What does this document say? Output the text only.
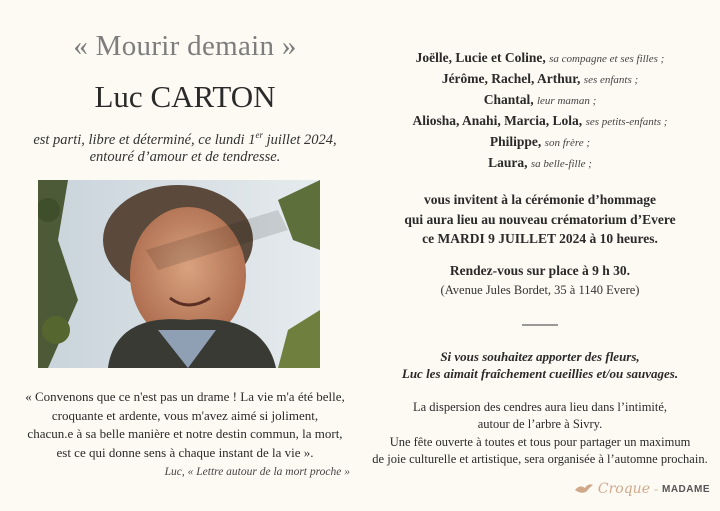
« Mourir demain »
Luc CARTON
est parti, libre et déterminé, ce lundi 1er juillet 2024,
entouré d’amour et de tendresse.
« Convenons que ce n'est pas un drame ! La vie m'a été belle,
croquante et ardente, vous m'avez aimé si joliment,
chacun.e à sa belle manière et notre destin commun, la mort,
est ce qui donne sens à chaque instant de la vie ».
Luc, « Lettre autour de la mort proche »
Joëlle, Lucie et Coline, sa compagne et ses filles ;
Jérôme, Rachel, Arthur, ses enfants ;
Chantal, leur maman ;
Aliosha, Anahi, Marcia, Lola, ses petits-enfants ;
Philippe, son frère ;
Laura, sa belle-fille ;
vous invitent à la cérémonie d’hommage
qui aura lieu au nouveau crématorium d’Evere
ce MARDI 9 JUILLET 2024 à 10 heures.
Rendez-vous sur place à 9 h 30.
(Avenue Jules Bordet, 35 à 1140 Evere)
Si vous souhaitez apporter des fleurs,
Luc les aimait fraîchement cueillies et/ou sauvages.
La dispersion des cendres aura lieu dans l’intimité,
autour de l’arbre à Sivry.
Une fête ouverte à toutes et tous pour partager un maximum
de joie culturelle et artistique, sera organisée à l’automne prochain.
Croque - MADAME
